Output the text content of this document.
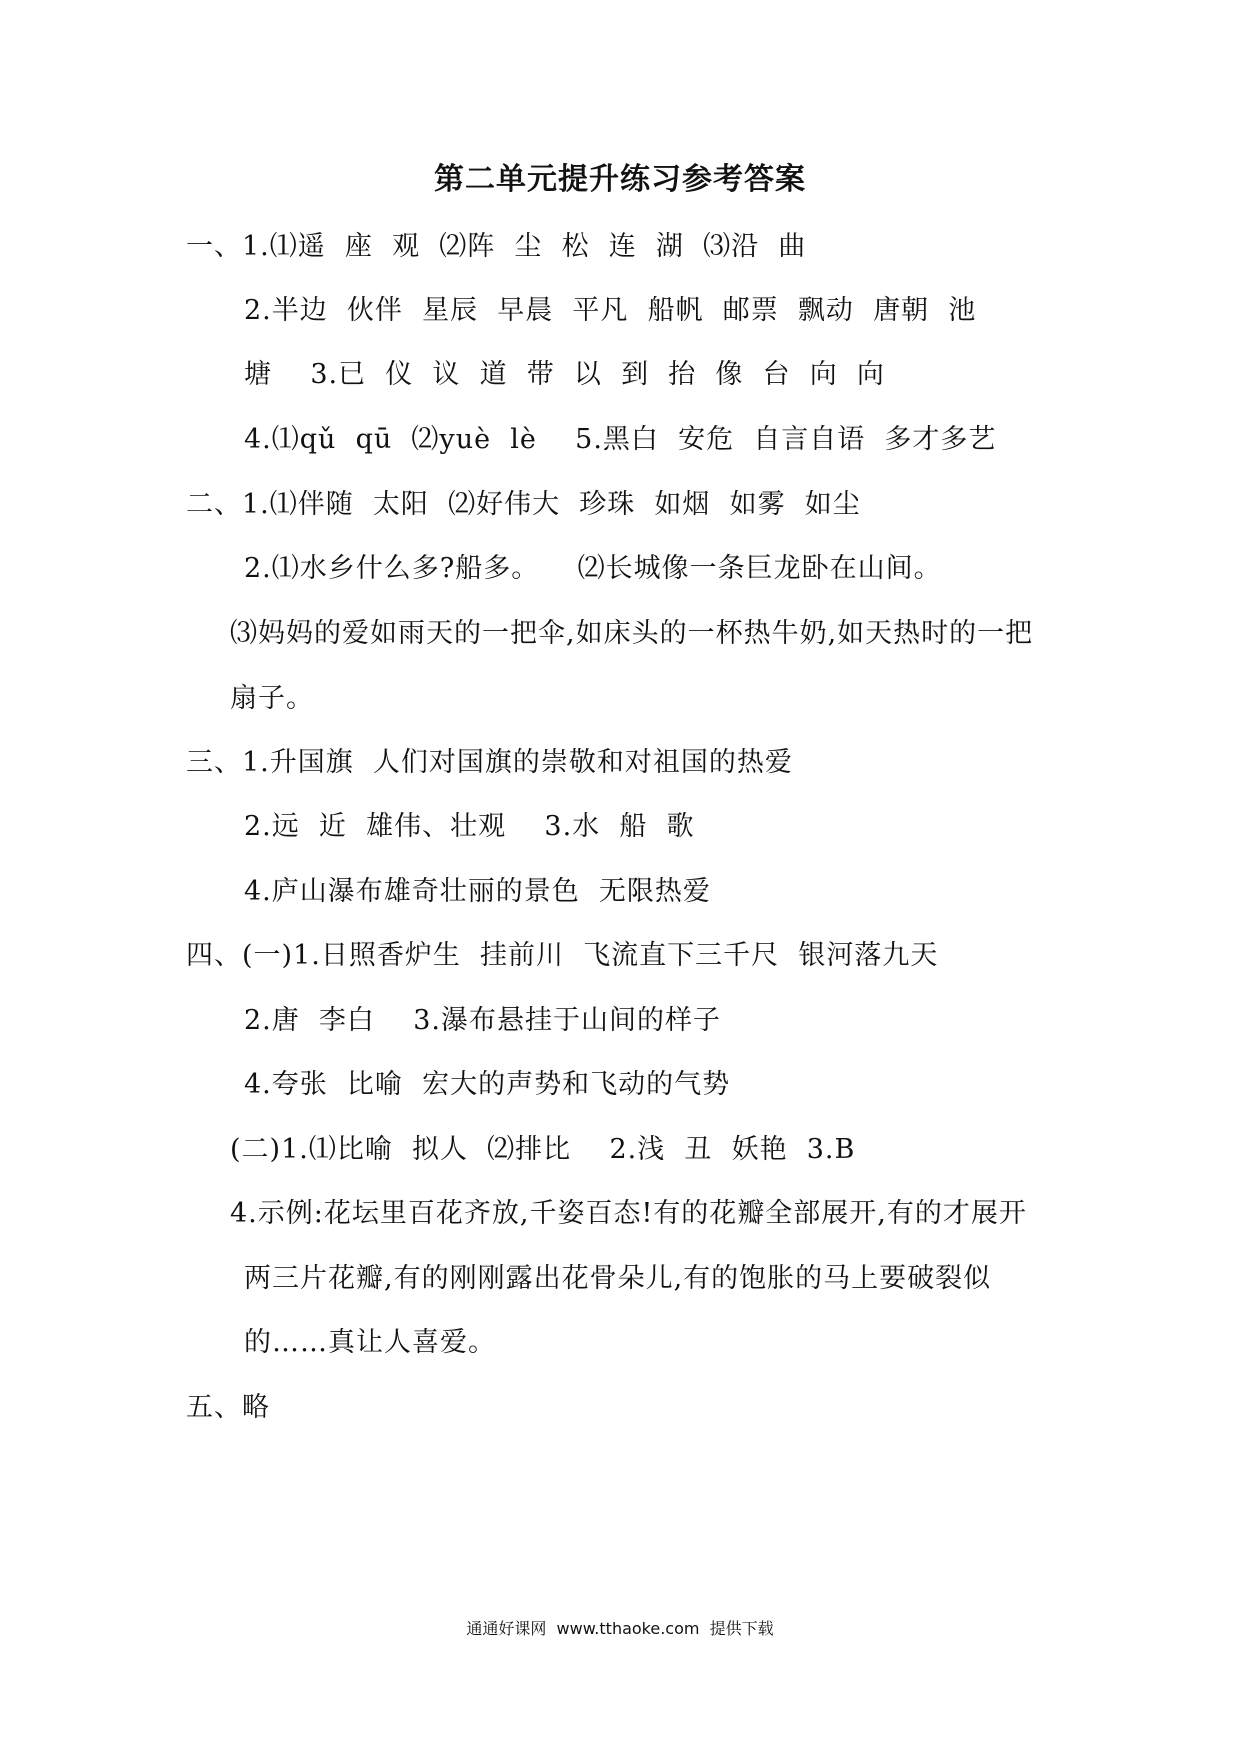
第二单元提升练习参考答案
一、1.⑴遥  座  观  ⑵阵  尘  松  连  湖  ⑶沿  曲
2.半边  伙伴  星辰  早晨  平凡  船帆  邮票  飘动  唐朝  池
塘    3.已  仪  议  道  带  以  到  抬  像  台  向  向
4.⑴qǔ  qū  ⑵yuè  lè    5.黑白  安危  自言自语  多才多艺
二、1.⑴伴随  太阳  ⑵好伟大  珍珠  如烟  如雾  如尘
2.⑴水乡什么多?船多。    ⑵长城像一条巨龙卧在山间。
⑶妈妈的爱如雨天的一把伞,如床头的一杯热牛奶,如天热时的一把
扇子。
三、1.升国旗  人们对国旗的崇敬和对祖国的热爱
2.远  近  雄伟、壮观    3.水  船  歌
4.庐山瀑布雄奇壮丽的景色  无限热爱
四、(一)1.日照香炉生  挂前川  飞流直下三千尺  银河落九天
2.唐  李白    3.瀑布悬挂于山间的样子
4.夸张  比喻  宏大的声势和飞动的气势
(二)1.⑴比喻  拟人  ⑵排比    2.浅  丑  妖艳  3.B
4.示例:花坛里百花齐放,千姿百态!有的花瓣全部展开,有的才展开
两三片花瓣,有的刚刚露出花骨朵儿,有的饱胀的马上要破裂似
的……真让人喜爱。
五、略
通通好课网  www.tthaoke.com  提供下载
